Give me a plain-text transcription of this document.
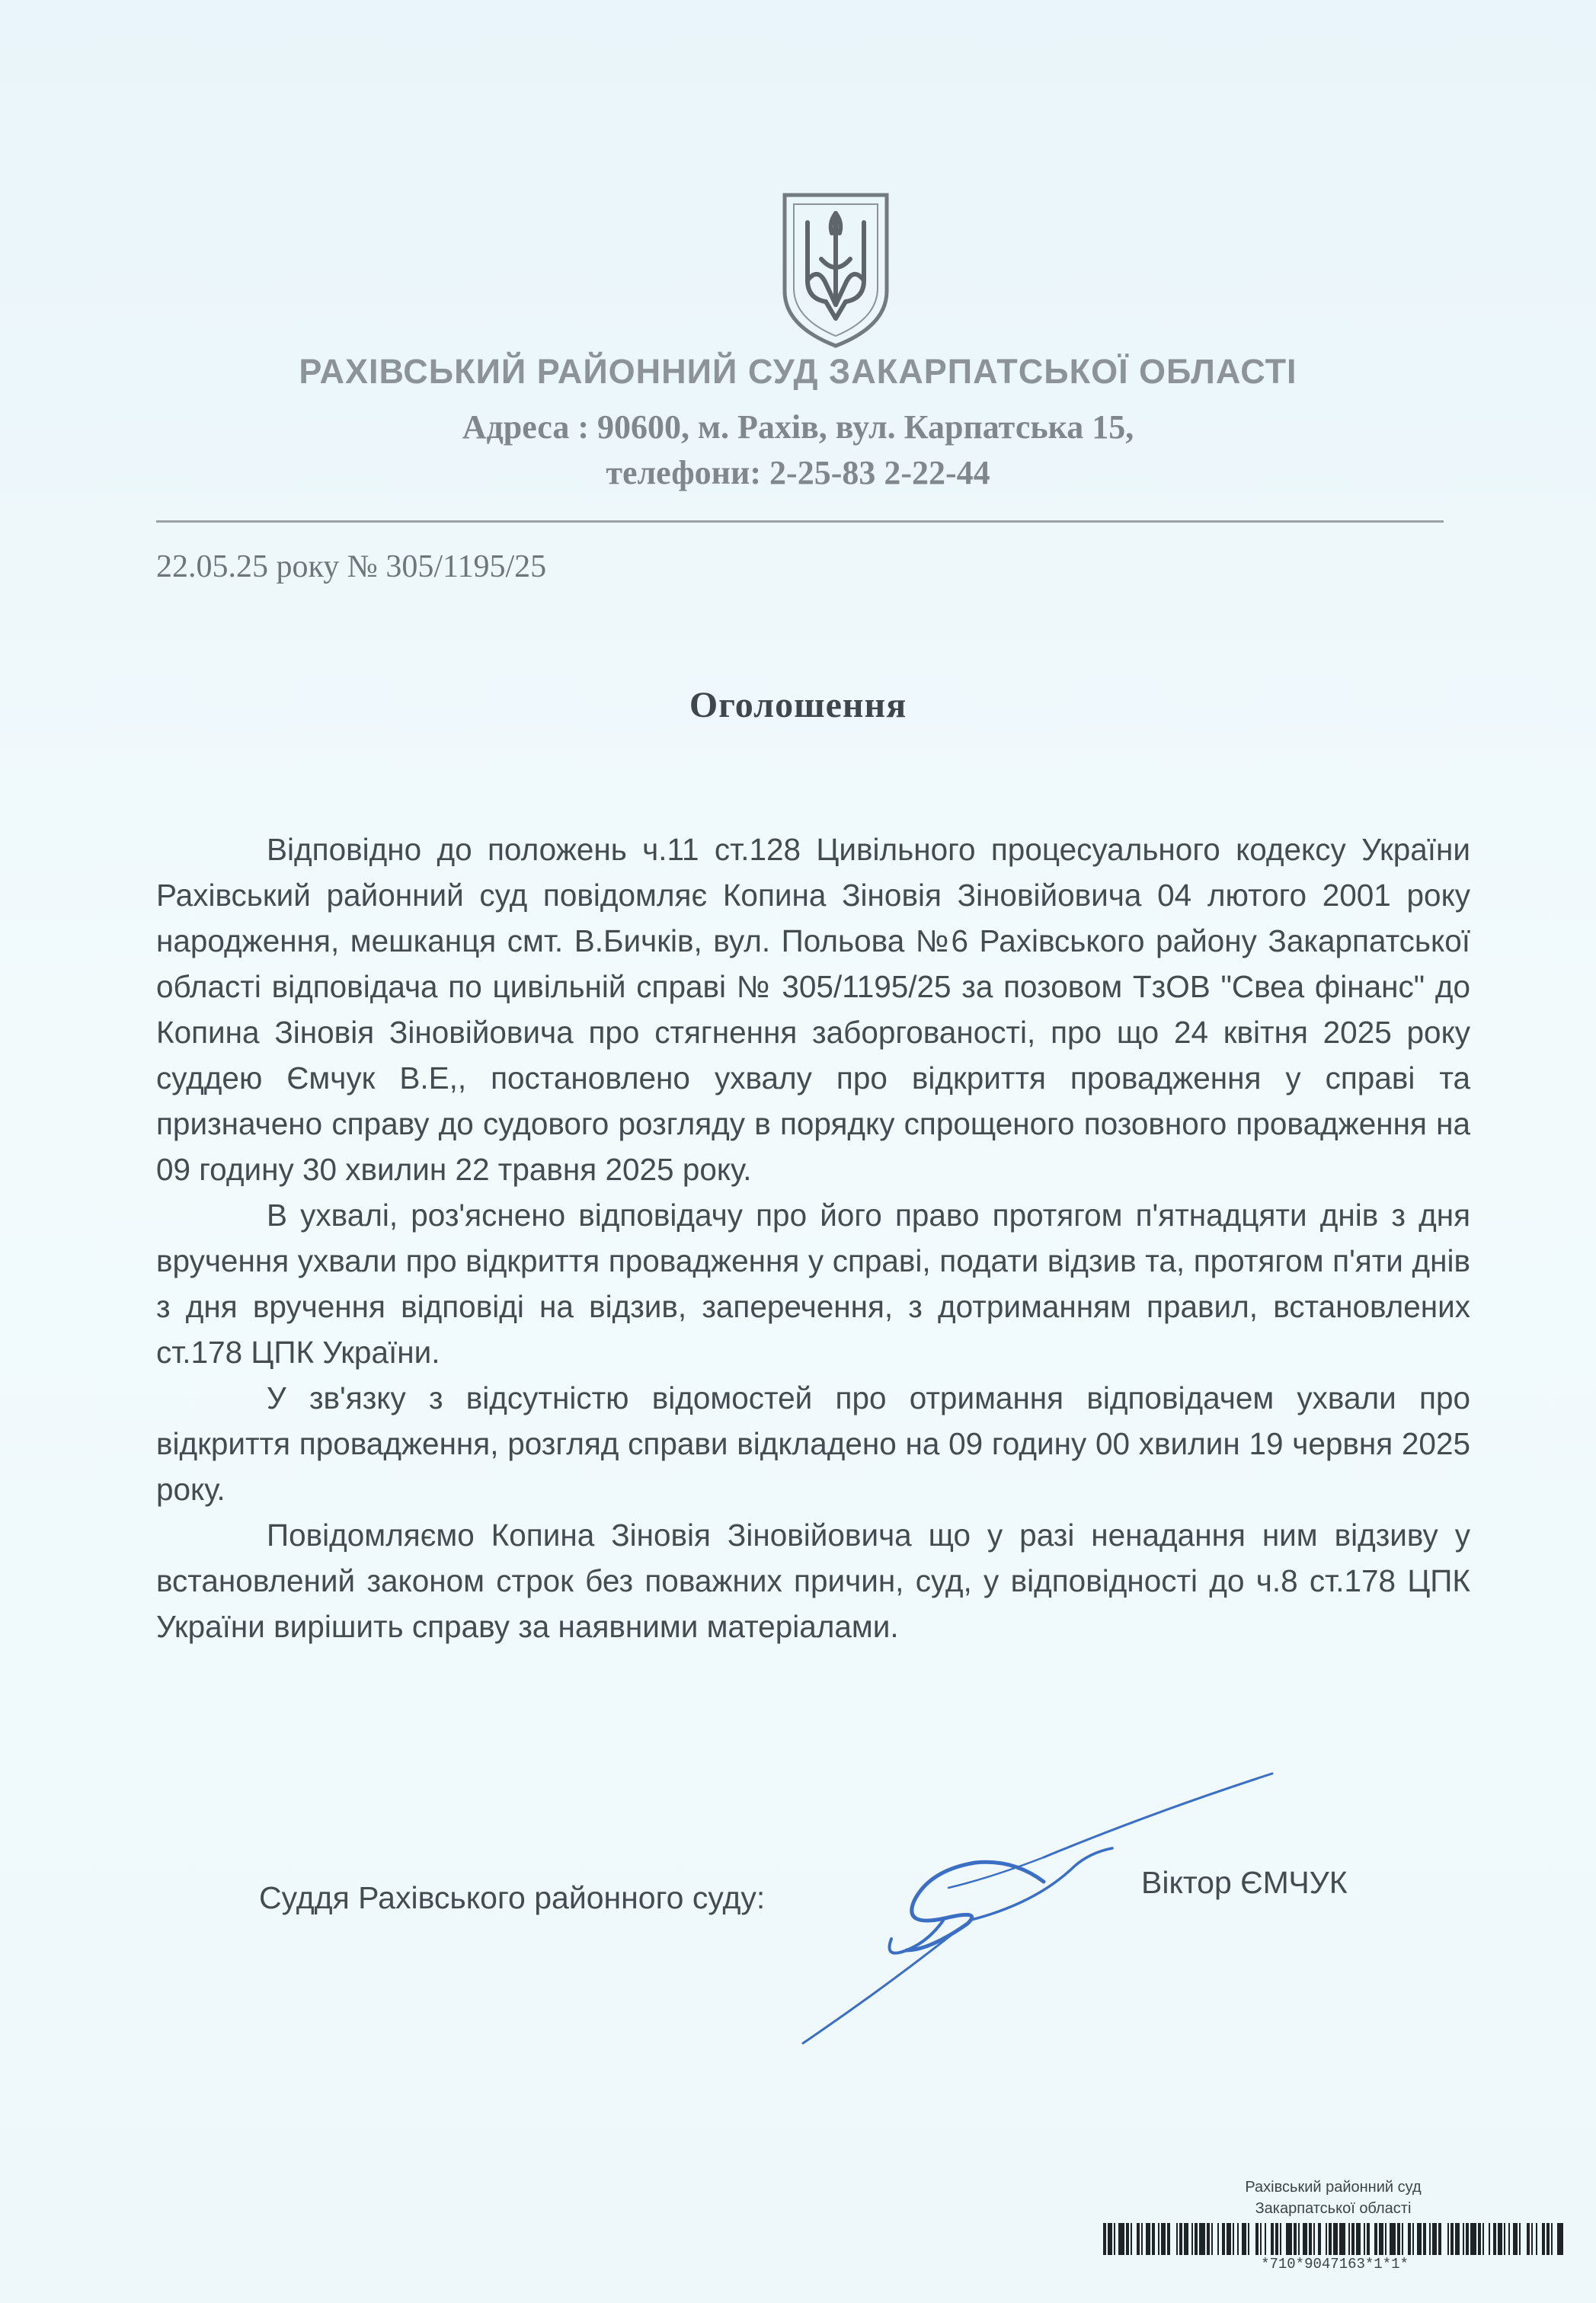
РАХІВСЬКИЙ РАЙОННИЙ СУД ЗАКАРПАТСЬКОЇ ОБЛАСТІ
Адреса : 90600, м. Рахів, вул. Карпатська 15,
телефони: 2-25-83 2-22-44
22.05.25 року № 305/1195/25
Оголошення

Відповідно до положень ч.11 ст.128 Цивільного процесуального кодексу України Рахівський районний суд повідомляє Копина Зіновія Зіновійовича 04 лютого 2001 року народження, мешканця смт. В.Бичків, вул. Польова №6 Рахівського району Закарпатської області відповідача по цивільній справі № 305/1195/25 за позовом ТзОВ "Свеа фінанс" до Копина Зіновія Зіновійовича про стягнення заборгованості, про що 24 квітня 2025 року суддею Ємчук В.Е,, постановлено ухвалу про відкриття провадження у справі та призначено справу до судового розгляду в порядку спрощеного позовного провадження на 09 годину 30 хвилин 22 травня 2025 року.

В ухвалі, роз'яснено відповідачу про його право протягом п'ятнадцяти днів з дня вручення ухвали про відкриття провадження у справі, подати відзив та, протягом п'яти днів з дня вручення відповіді на відзив, заперечення, з дотриманням правил, встановлених ст.178 ЦПК України.

У зв'язку з відсутністю відомостей про отримання відповідачем ухвали про відкриття провадження, розгляд справи відкладено на 09 годину 00 хвилин 19 червня 2025 року.

Повідомляємо Копина Зіновія Зіновійовича що у разі ненадання ним відзиву у встановлений законом строк без поважних причин, суд, у відповідності до ч.8 ст.178 ЦПК України вирішить справу за наявними матеріалами.

Суддя Рахівського районного суду:	Віктор ЄМЧУК
Рахівський районний суд
Закарпатської області
*710*9047163*1*1*
